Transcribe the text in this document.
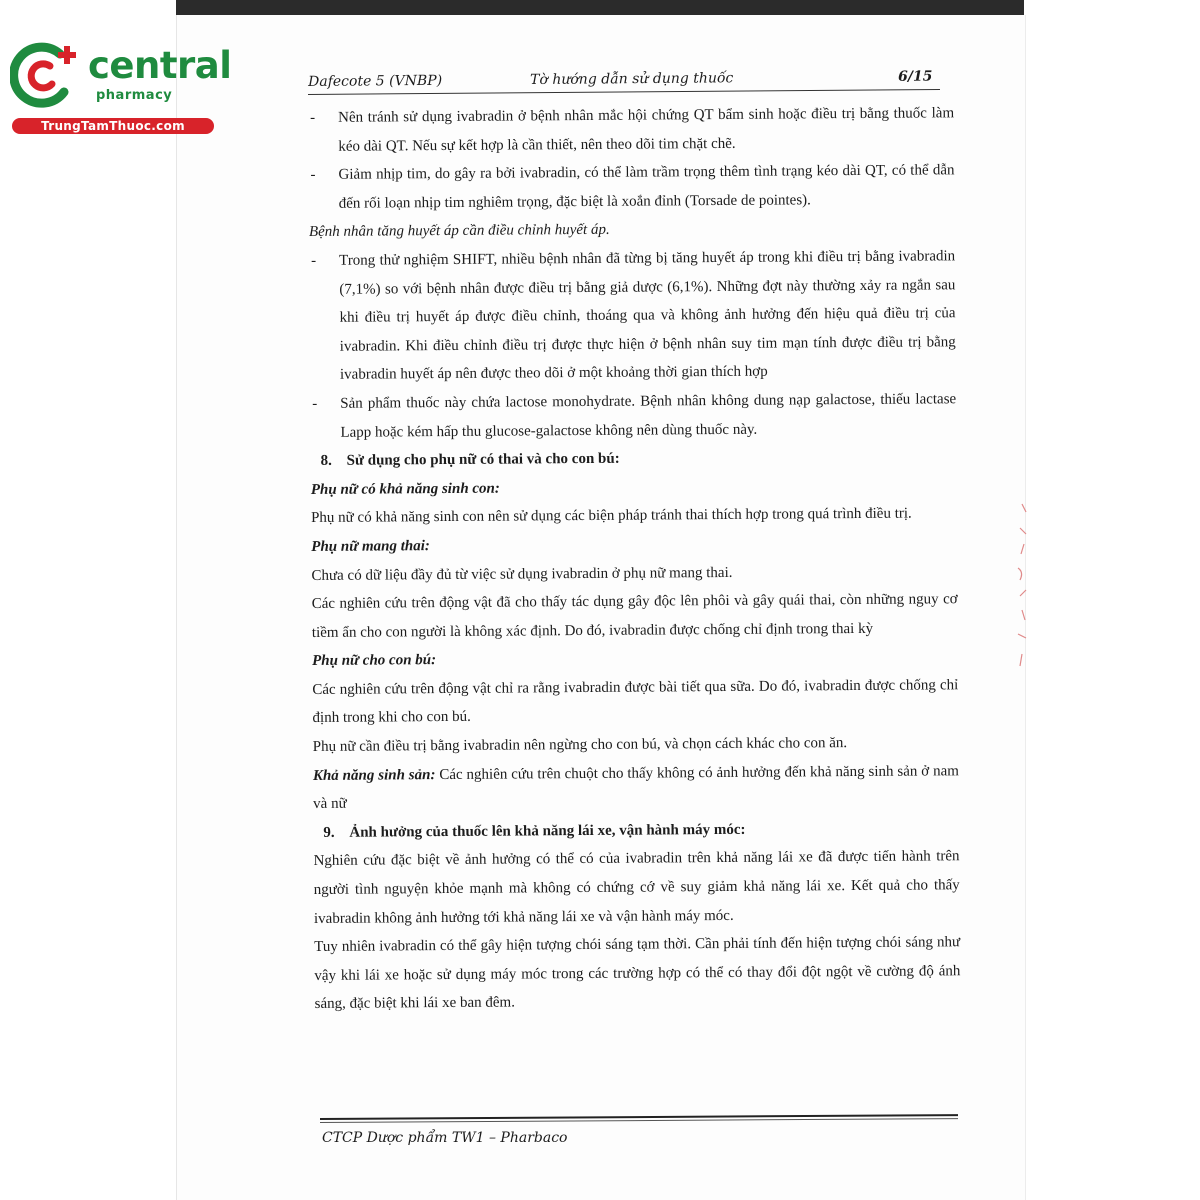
central
pharmacy
TrungTamThuoc.com
Dafecote 5 (VNBP)	Tờ hướng dẫn sử dụng thuốc	6/15

- Nên tránh sử dụng ivabradin ở bệnh nhân mắc hội chứng QT bẩm sinh hoặc điều trị bằng thuốc làm kéo dài QT. Nếu sự kết hợp là cần thiết, nên theo dõi tim chặt chẽ.

- Giảm nhịp tim, do gây ra bởi ivabradin, có thể làm trầm trọng thêm tình trạng kéo dài QT, có thể dẫn đến rối loạn nhịp tim nghiêm trọng, đặc biệt là xoắn đỉnh (Torsade de pointes).

Bệnh nhân tăng huyết áp cần điều chỉnh huyết áp.

- Trong thử nghiệm SHIFT, nhiều bệnh nhân đã từng bị tăng huyết áp trong khi điều trị bằng ivabradin (7,1%) so với bệnh nhân được điều trị bằng giả dược (6,1%). Những đợt này thường xảy ra ngắn sau khi điều trị huyết áp được điều chỉnh, thoáng qua và không ảnh hưởng đến hiệu quả điều trị của ivabradin. Khi điều chỉnh điều trị được thực hiện ở bệnh nhân suy tim mạn tính được điều trị bằng ivabradin huyết áp nên được theo dõi ở một khoảng thời gian thích hợp

- Sản phẩm thuốc này chứa lactose monohydrate. Bệnh nhân không dung nạp galactose, thiếu lactase Lapp hoặc kém hấp thu glucose-galactose không nên dùng thuốc này.

8. Sử dụng cho phụ nữ có thai và cho con bú:

Phụ nữ có khả năng sinh con:

Phụ nữ có khả năng sinh con nên sử dụng các biện pháp tránh thai thích hợp trong quá trình điều trị.

Phụ nữ mang thai:

Chưa có dữ liệu đầy đủ từ việc sử dụng ivabradin ở phụ nữ mang thai.

Các nghiên cứu trên động vật đã cho thấy tác dụng gây độc lên phôi và gây quái thai, còn những nguy cơ tiềm ẩn cho con người là không xác định. Do đó, ivabradin được chống chỉ định trong thai kỳ

Phụ nữ cho con bú:

Các nghiên cứu trên động vật chỉ ra rằng ivabradin được bài tiết qua sữa. Do đó, ivabradin được chống chỉ định trong khi cho con bú.

Phụ nữ cần điều trị bằng ivabradin nên ngừng cho con bú, và chọn cách khác cho con ăn.

Khả năng sinh sản: Các nghiên cứu trên chuột cho thấy không có ảnh hưởng đến khả năng sinh sản ở nam và nữ

9. Ảnh hưởng của thuốc lên khả năng lái xe, vận hành máy móc:

Nghiên cứu đặc biệt về ảnh hưởng có thể có của ivabradin trên khả năng lái xe đã được tiến hành trên người tình nguyện khỏe mạnh mà không có chứng cớ về suy giảm khả năng lái xe. Kết quả cho thấy ivabradin không ảnh hưởng tới khả năng lái xe và vận hành máy móc.

Tuy nhiên ivabradin có thể gây hiện tượng chói sáng tạm thời. Cần phải tính đến hiện tượng chói sáng như vậy khi lái xe hoặc sử dụng máy móc trong các trường hợp có thể có thay đổi đột ngột về cường độ ánh sáng, đặc biệt khi lái xe ban đêm.

CTCP Dược phẩm TW1 – Pharbaco
